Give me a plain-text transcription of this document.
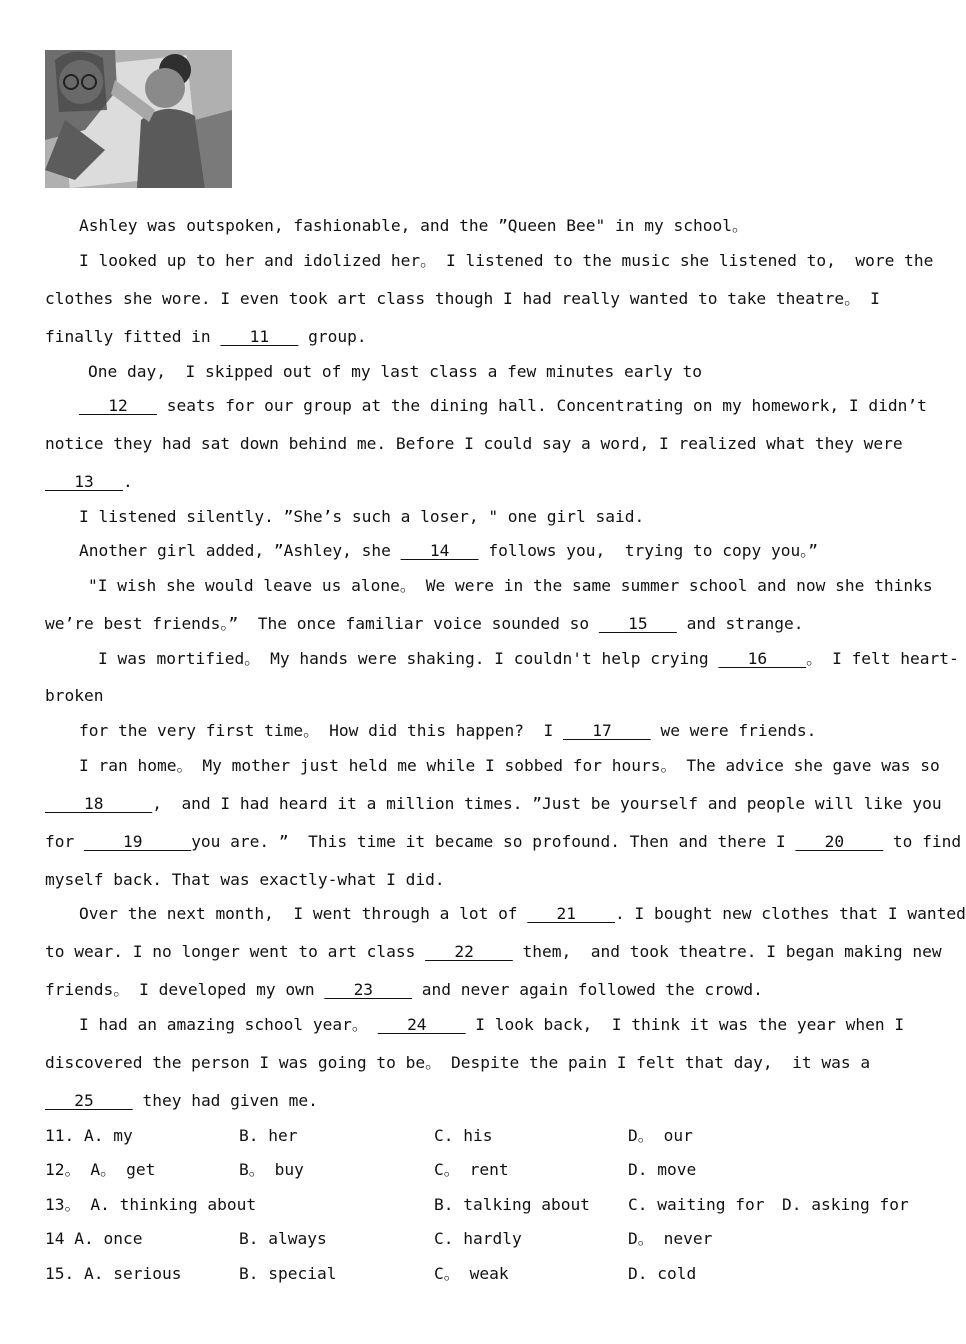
Ashley was outspoken, fashionable, and the ”Queen Bee" in my school。
I looked up to her and idolized her。 I listened to the music she listened to,  wore the
clothes she wore. I even took art class though I had really wanted to take theatre。 I
finally fitted in    11    group.
One day,  I skipped out of my last class a few minutes early to
12    seats for our group at the dining hall. Concentrating on my homework, I didn’t
notice they had sat down behind me. Before I could say a word, I realized what they were
13   .
I listened silently. ”She’s such a loser, " one girl said.
Another girl added, ”Ashley, she    14    follows you,  trying to copy you。”
"I wish she would leave us alone。 We were in the same summer school and now she thinks
we’re best friends。”  The once familiar voice sounded so    15    and strange.
I was mortified。 My hands were shaking. I couldn't help crying    16    。 I felt heart-
broken
for the very first time。 How did this happen?  I    17     we were friends.
I ran home。 My mother just held me while I sobbed for hours。 The advice she gave was so
18     ,  and I had heard it a million times. ”Just be yourself and people will like you
for     19     you are. ”  This time it became so profound. Then and there I    20     to find
myself back. That was exactly-what I did.
Over the next month,  I went through a lot of    21    . I bought new clothes that I wanted
to wear. I no longer went to art class    22     them,  and took theatre. I began making new
friends。 I developed my own    23     and never again followed the crowd.
I had an amazing school year。    24     I look back,  I think it was the year when I
discovered the person I was going to be。 Despite the pain I felt that day,  it was a
25     they had given me.
11. A. my	B. her	C. his	D。 our
12。 A。 get	B。 buy	C。 rent	D. move
13。 A. thinking about	B. talking about C. waiting for D. asking for
14 A. once	B. always	C. hardly	D。 never
15. A. serious	B. special	C。 weak	D. cold
